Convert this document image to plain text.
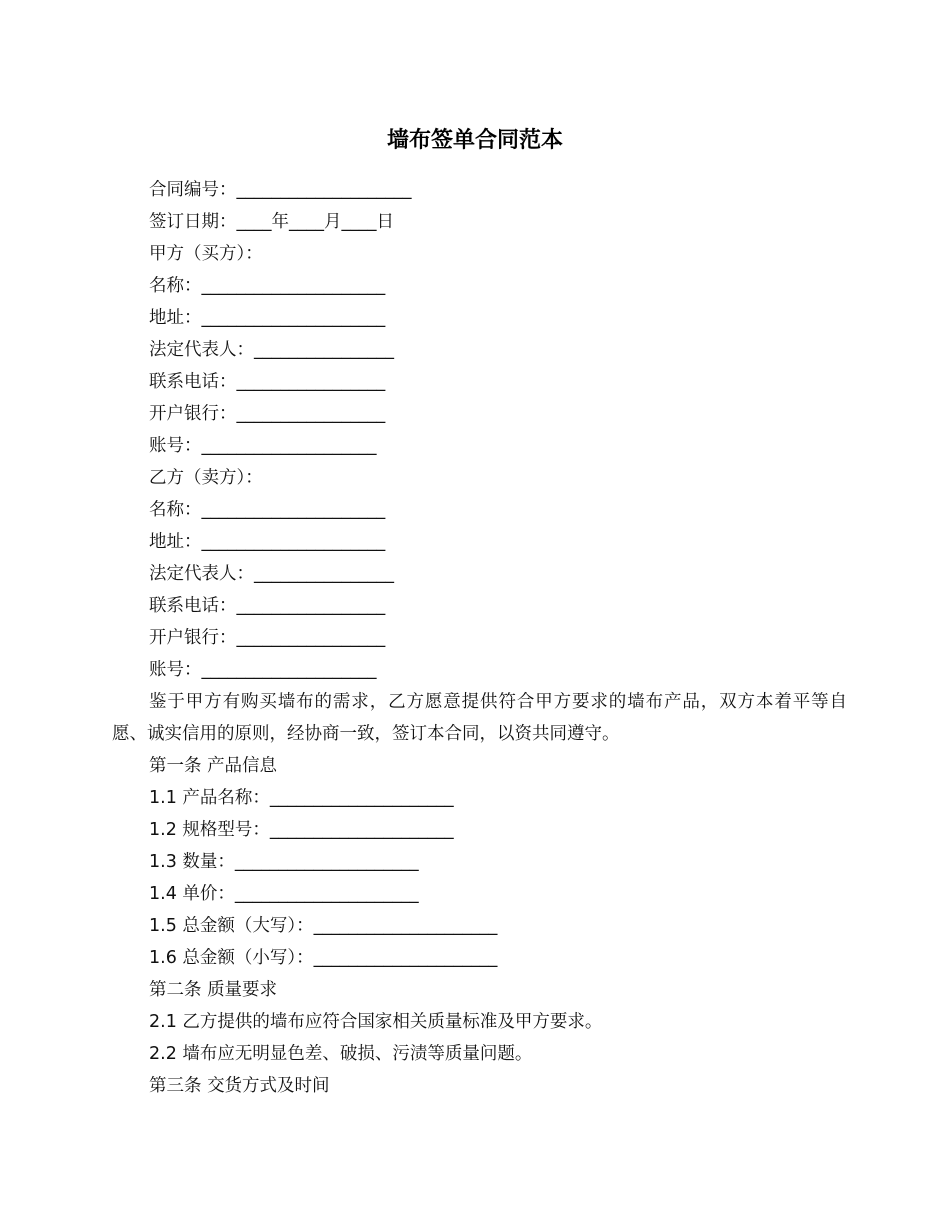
墙布签单合同范本
合同编号：____________________
签订日期：____年____月____日
甲方（买方）：
名称：_____________________
地址：_____________________
法定代表人：________________
联系电话：_________________
开户银行：_________________
账号：____________________
乙方（卖方）：
名称：_____________________
地址：_____________________
法定代表人：________________
联系电话：_________________
开户银行：_________________
账号：____________________
鉴于甲方有购买墙布的需求，乙方愿意提供符合甲方要求的墙布产品，双方本着平等自愿、诚实信用的原则，经协商一致，签订本合同，以资共同遵守。
第一条 产品信息
1.1 产品名称：_____________________
1.2 规格型号：_____________________
1.3 数量：_____________________
1.4 单价：_____________________
1.5 总金额（大写）：_____________________
1.6 总金额（小写）：_____________________
第二条 质量要求
2.1 乙方提供的墙布应符合国家相关质量标准及甲方要求。
2.2 墙布应无明显色差、破损、污渍等质量问题。
第三条 交货方式及时间
